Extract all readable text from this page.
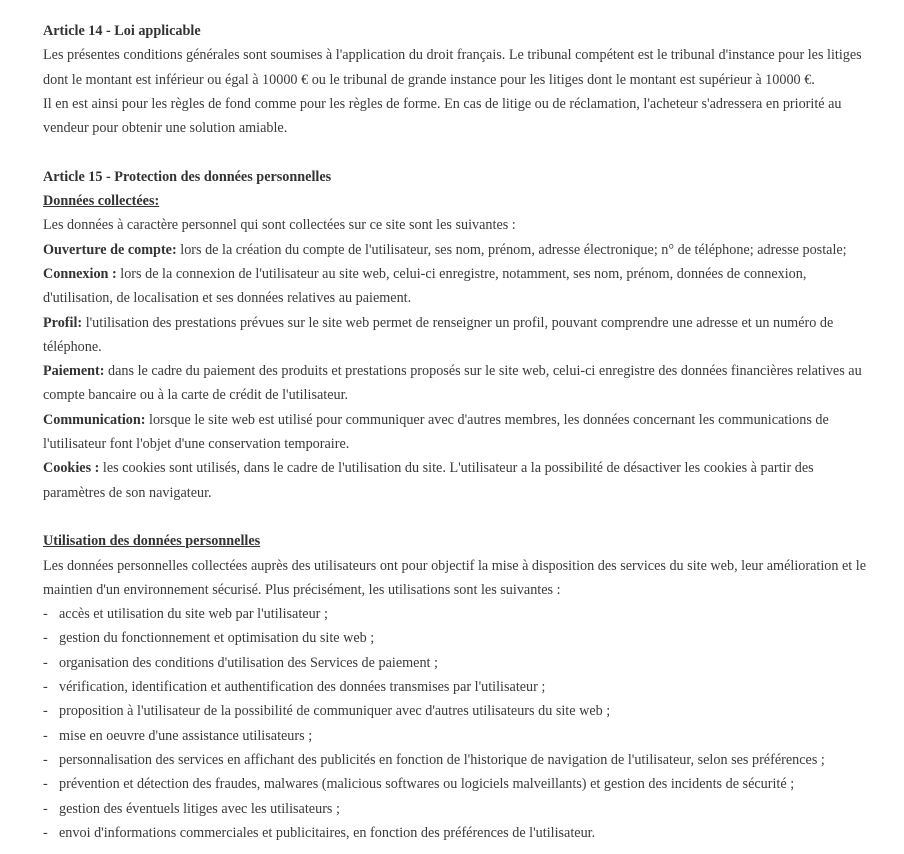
Article 14 - Loi applicable
Les présentes conditions générales sont soumises à l'application du droit français. Le tribunal compétent est le tribunal d'instance pour les litiges
dont le montant est inférieur ou égal à 10000 € ou le tribunal de grande instance pour les litiges dont le montant est supérieur à 10000 €.
Il en est ainsi pour les règles de fond comme pour les règles de forme. En cas de litige ou de réclamation, l'acheteur s'adressera en priorité au
vendeur pour obtenir une solution amiable.
Article 15 - Protection des données personnelles
Données collectées:
Les données à caractère personnel qui sont collectées sur ce site sont les suivantes :
Ouverture de compte: lors de la création du compte de l'utilisateur, ses nom, prénom, adresse électronique; n° de téléphone; adresse postale;
Connexion : lors de la connexion de l'utilisateur au site web, celui-ci enregistre, notamment, ses nom, prénom, données de connexion,
d'utilisation, de localisation et ses données relatives au paiement.
Profil: l'utilisation des prestations prévues sur le site web permet de renseigner un profil, pouvant comprendre une adresse et un numéro de
téléphone.
Paiement: dans le cadre du paiement des produits et prestations proposés sur le site web, celui-ci enregistre des données financières relatives au
compte bancaire ou à la carte de crédit de l'utilisateur.
Communication: lorsque le site web est utilisé pour communiquer avec d'autres membres, les données concernant les communications de
l'utilisateur font l'objet d'une conservation temporaire.
Cookies : les cookies sont utilisés, dans le cadre de l'utilisation du site. L'utilisateur a la possibilité de désactiver les cookies à partir des
paramètres de son navigateur.
Utilisation des données personnelles
Les données personnelles collectées auprès des utilisateurs ont pour objectif la mise à disposition des services du site web, leur amélioration et le
maintien d'un environnement sécurisé. Plus précisément, les utilisations sont les suivantes :
- accès et utilisation du site web par l'utilisateur ;
- gestion du fonctionnement et optimisation du site web ;
- organisation des conditions d'utilisation des Services de paiement ;
- vérification, identification et authentification des données transmises par l'utilisateur ;
- proposition à l'utilisateur de la possibilité de communiquer avec d'autres utilisateurs du site web ;
- mise en oeuvre d'une assistance utilisateurs ;
- personnalisation des services en affichant des publicités en fonction de l'historique de navigation de l'utilisateur, selon ses préférences ;
- prévention et détection des fraudes, malwares (malicious softwares ou logiciels malveillants) et gestion des incidents de sécurité ;
- gestion des éventuels litiges avec les utilisateurs ;
- envoi d'informations commerciales et publicitaires, en fonction des préférences de l'utilisateur.
